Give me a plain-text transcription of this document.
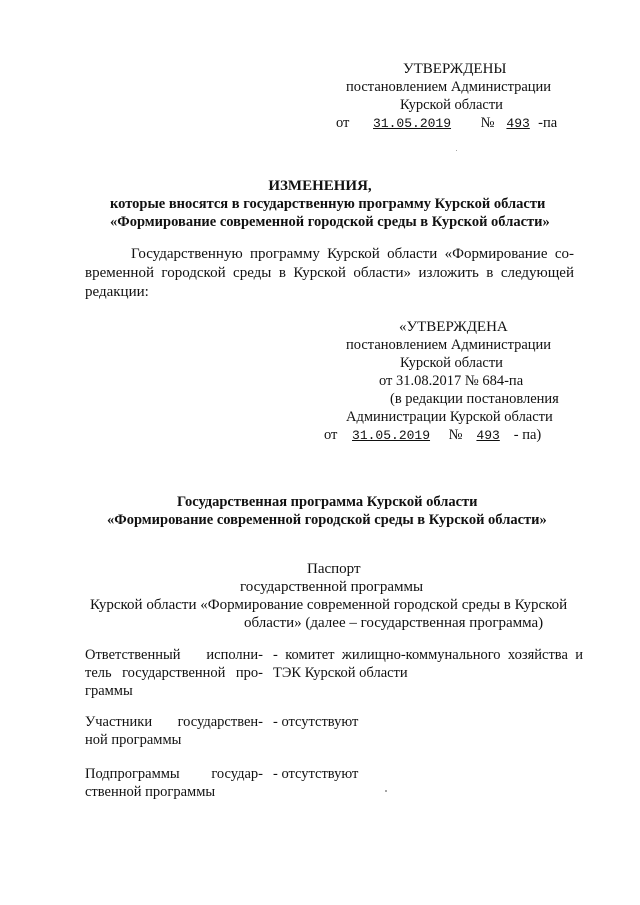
УТВЕРЖДЕНЫ
постановлением Администрации
Курской области
от 31.05.2019 № 493 -па
ИЗМЕНЕНИЯ,
которые вносятся в государственную программу Курской области
«Формирование современной городской среды в Курской области»
Государственную программу Курской области «Формирование со-
временной городской среды в Курской области» изложить в следующей
редакции:
«УТВЕРЖДЕНА
постановлением Администрации
Курской области
от 31.08.2017 № 684-па
(в редакции постановления
Администрации Курской области
от 31.05.2019 № 493 - па)
Государственная программа Курской области
«Формирование современной городской среды в Курской области»
Паспорт
государственной программы
Курской области «Формирование современной городской среды в Курской
области» (далее – государственная программа)
Ответственный исполни-
тель государственной про-
граммы
- комитет жилищно-коммунального хозяйства и
ТЭК Курской области
Участники государствен-
ной программы
- отсутствуют
Подпрограммы государ-
ственной программы
- отсутствуют
